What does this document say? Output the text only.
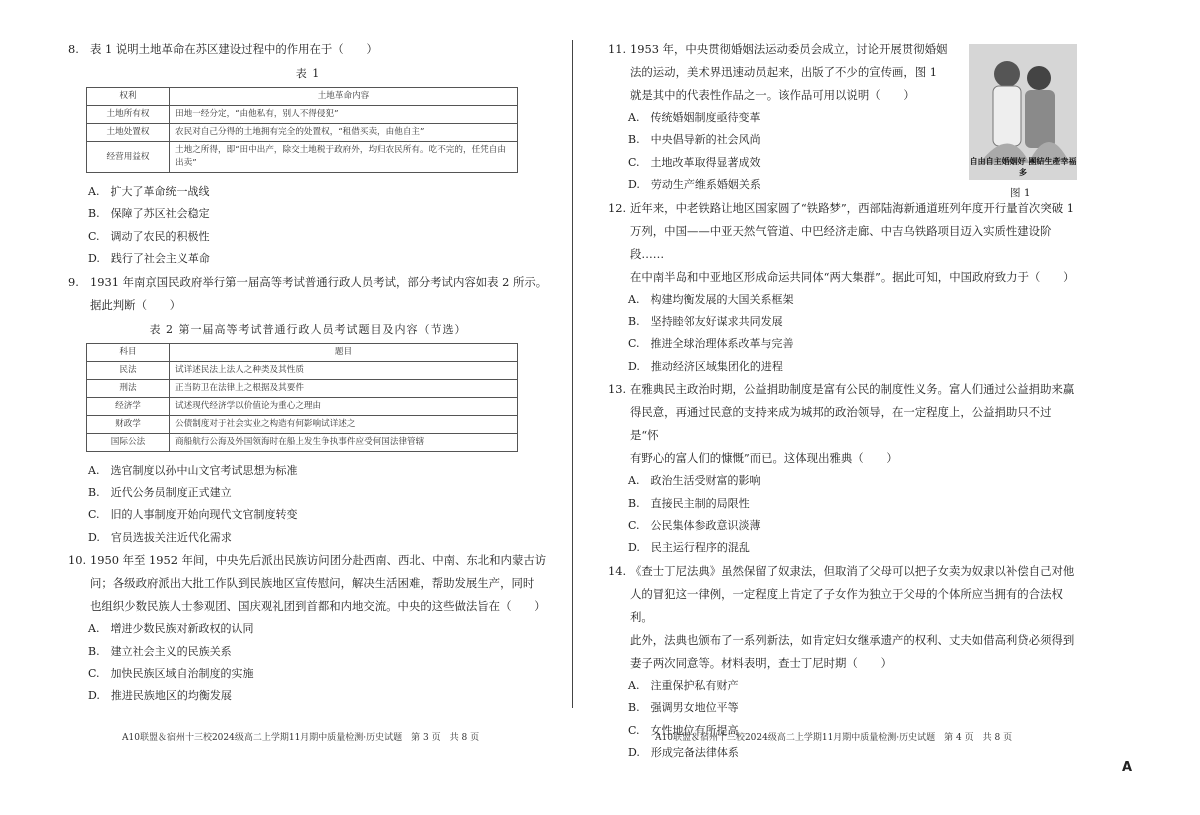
8. 表 1 说明土地革命在苏区建设过程中的作用在于（　　）

表 1
权利	土地革命内容
土地所有权	田地一经分定，“由他私有，别人不得侵犯”
土地处置权	农民对自己分得的土地拥有完全的处置权，“租借买卖，由他自主”
经营用益权	土地之所得，即“田中出产，除交土地税于政府外，均归农民所有。吃不完的，任凭自由出卖”
A.　扩大了革命统一战线
B.　保障了苏区社会稳定
C.　调动了农民的积极性
D.　践行了社会主义革命

9. 1931 年南京国民政府举行第一届高等考试普通行政人员考试，部分考试内容如表 2 所示。

据此判断（　　）

表 2 第一届高等考试普通行政人员考试题目及内容（节选）
科目	题目
民法	试详述民法上法人之种类及其性质
刑法	正当防卫在法律上之根据及其要件
经济学	试述现代经济学以价值论为重心之理由
财政学	公债制度对于社会实业之构造有何影响试详述之
国际公法	商船航行公海及外国领海时在船上发生争执事件应受何国法律管辖
A.　选官制度以孙中山文官考试思想为标准
B.　近代公务员制度正式建立
C.　旧的人事制度开始向现代文官制度转变
D.　官员选拔关注近代化需求

10. 1950 年至 1952 年间，中央先后派出民族访问团分赴西南、西北、中南、东北和内蒙古访

问；各级政府派出大批工作队到民族地区宣传慰问，解决生活困难，帮助发展生产，同时

也组织少数民族人士参观团、国庆观礼团到首都和内地交流。中央的这些做法旨在（　　）

A.　增进少数民族对新政权的认同
B.　建立社会主义的民族关系
C.　加快民族区域自治制度的实施
D.　推进民族地区的均衡发展

11. 1953 年，中央贯彻婚姻法运动委员会成立，讨论开展贯彻婚姻

法的运动，美术界迅速动员起来，出版了不少的宣传画，图 1

就是其中的代表性作品之一。该作品可用以说明（　　）

A.　传统婚姻制度亟待变革
B.　中央倡导新的社会风尚
C.　土地改革取得显著成效
D.　劳动生产维系婚姻关系

12. 近年来，中老铁路让地区国家圆了“铁路梦”，西部陆海新通道班列年度开行量首次突破 1

万列，中国——中亚天然气管道、中巴经济走廊、中吉乌铁路项目迈入实质性建设阶段……

在中南半岛和中亚地区形成命运共同体“两大集群”。据此可知，中国政府致力于（　　）

A.　构建均衡发展的大国关系框架
B.　坚持睦邻友好谋求共同发展
C.　推进全球治理体系改革与完善
D.　推动经济区域集团化的进程

13. 在雅典民主政治时期，公益捐助制度是富有公民的制度性义务。富人们通过公益捐助来赢

得民意，再通过民意的支持来成为城邦的政治领导，在一定程度上，公益捐助只不过是“怀

有野心的富人们的慷慨”而已。这体现出雅典（　　）

A.　政治生活受财富的影响
B.　直接民主制的局限性
C.　公民集体参政意识淡薄
D.　民主运行程序的混乱

14. 《查士丁尼法典》虽然保留了奴隶法，但取消了父母可以把子女卖为奴隶以补偿自己对他

人的冒犯这一律例，一定程度上肯定了子女作为独立于父母的个体所应当拥有的合法权利。

此外，法典也颁布了一系列新法，如肯定妇女继承遗产的权利、丈夫如借高利贷必须得到

妻子两次同意等。材料表明，查士丁尼时期（　　）

A.　注重保护私有财产
B.　强调男女地位平等
C.　女性地位有所提高
D.　形成完备法律体系
自由自主婚姻好 團結生產幸福多
图 1
A10联盟＆宿州十三校2024级高二上学期11月期中质量检测·历史试题　第 3 页　共 8 页	A10联盟＆宿州十三校2024级高二上学期11月期中质量检测·历史试题　第 4 页　共 8 页
A
